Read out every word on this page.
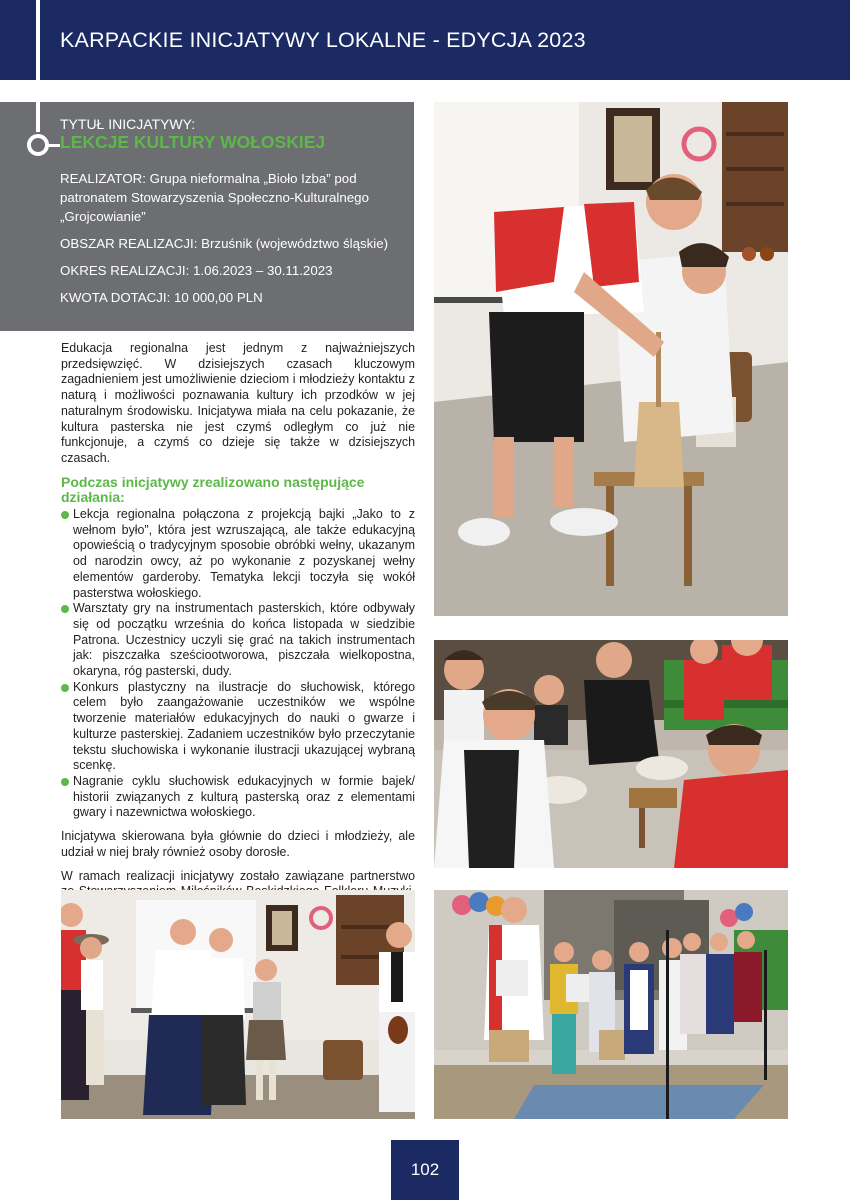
KARPACKIE INICJATYWY LOKALNE - EDYCJA 2023
TYTUŁ INICJATYWY:
LEKCJE KULTURY WOŁOSKIEJ

REALIZATOR: Grupa nieformalna „Bioło Izba” pod patronatem Stowarzyszenia Społeczno-Kulturalnego „Grojcowianie”

OBSZAR REALIZACJI: Brzuśnik (województwo śląskie)

OKRES REALIZACJI: 1.06.2023 – 30.11.2023

KWOTA DOTACJI: 10 000,00 PLN

Edukacja regionalna jest jednym z najważniejszych przedsięwzięć. W dzisiejszych czasach kluczowym zagadnieniem jest umożliwienie dzieciom i młodzieży kontaktu z naturą i możliwości poznawania kultury ich przodków w jej naturalnym środowisku. Inicjatywa miała na celu pokazanie, że kultura pasterska nie jest czymś odległym co już nie funkcjonuje, a czymś co dzieje się także w dzisiejszych czasach.

Podczas inicjatywy zrealizowano następujące działania:

Lekcja regionalna połączona z projekcją bajki „Jako to z wełnom było”, która jest wzruszającą, ale także edukacyjną opowieścią o tradycyjnym sposobie obróbki wełny, ukazanym od narodzin owcy, aż po wykonanie z pozyskanej wełny elementów garderoby. Tematyka lekcji toczyła się wokół pasterstwa wołoskiego.
Warsztaty gry na instrumentach pasterskich, które odbywały się od początku września do końca listopada w siedzibie Patrona. Uczestnicy uczyli się grać na takich instrumentach jak: piszczałka sześciootworowa, piszczała wielkopostna, okaryna, róg pasterski, dudy.
Konkurs plastyczny na ilustracje do słuchowisk, którego celem było zaangażowanie uczestników we wspólne tworzenie materiałów edukacyjnych do nauki o gwarze i kulturze pasterskiej. Zadaniem uczestników było przeczytanie tekstu słuchowiska i wykonanie ilustracji ukazującej wybraną scenkę.
Nagranie cyklu słuchowisk edukacyjnych w formie bajek/ historii związanych z kulturą pasterską oraz z elementami gwary i nazewnictwa wołoskiego.

Inicjatywa skierowana była głównie do dzieci i młodzieży, ale udział w niej brały również osoby dorosłe.

W ramach realizacji inicjatywy zostało zawiązane partnerstwo

102
